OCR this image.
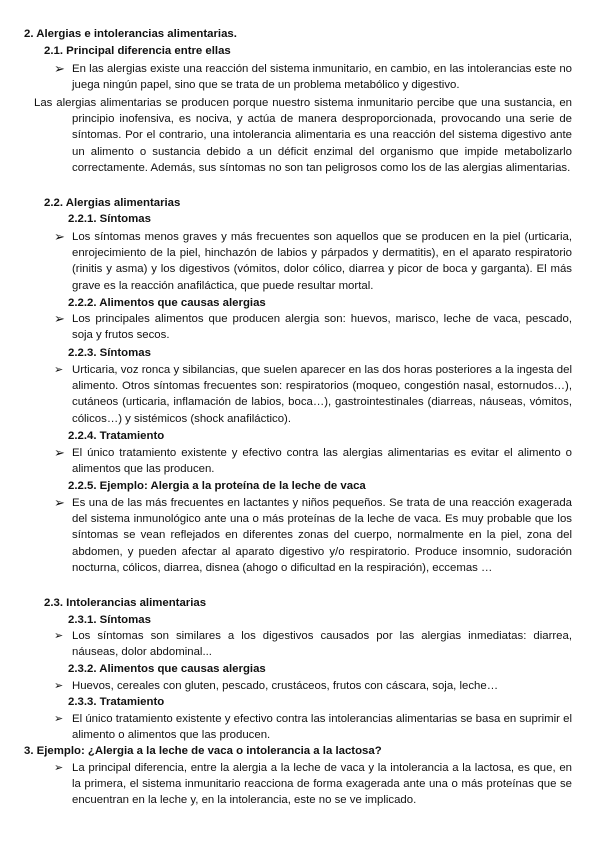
2. Alergias e intolerancias alimentarias.
2.1. Principal diferencia entre ellas
➢ En las alergias existe una reacción del sistema inmunitario, en cambio, en las intolerancias este no juega ningún papel, sino que se trata de un problema metabólico y digestivo.
Las alergias alimentarias se producen porque nuestro sistema inmunitario percibe que una sustancia, en principio inofensiva, es nociva, y actúa de manera desproporcionada, provocando una serie de síntomas. Por el contrario, una intolerancia alimentaria es una reacción del sistema digestivo ante un alimento o sustancia debido a un déficit enzimal del organismo que impide metabolizarlo correctamente. Además, sus síntomas no son tan peligrosos como los de las alergias alimentarias.
2.2. Alergias alimentarias
2.2.1. Síntomas
➢ Los síntomas menos graves y más frecuentes son aquellos que se producen en la piel (urticaria, enrojecimiento de la piel, hinchazón de labios y párpados y dermatitis), en el aparato respiratorio (rinitis y asma) y los digestivos (vómitos, dolor cólico, diarrea y picor de boca y garganta). El más grave es la reacción anafiláctica, que puede resultar mortal.
2.2.2. Alimentos que causas alergias
➢ Los principales alimentos que producen alergia son: huevos, marisco, leche de vaca, pescado, soja y frutos secos.
2.2.3. Síntomas
➢ Urticaria, voz ronca y sibilancias, que suelen aparecer en las dos horas posteriores a la ingesta del alimento. Otros síntomas frecuentes son: respiratorios (moqueo, congestión nasal, estornudos…), cutáneos (urticaria, inflamación de labios, boca…), gastrointestinales (diarreas, náuseas, vómitos, cólicos…) y sistémicos (shock anafiláctico).
2.2.4. Tratamiento
➢ El único tratamiento existente y efectivo contra las alergias alimentarias es evitar el alimento o alimentos que las producen.
2.2.5. Ejemplo: Alergia a la proteína de la leche de vaca
➢ Es una de las más frecuentes en lactantes y niños pequeños. Se trata de una reacción exagerada del sistema inmunológico ante una o más proteínas de la leche de vaca. Es muy probable que los síntomas se vean reflejados en diferentes zonas del cuerpo, normalmente en la piel, zona del abdomen, y pueden afectar al aparato digestivo y/o respiratorio. Produce insomnio, sudoración nocturna, cólicos, diarrea, disnea (ahogo o dificultad en la respiración), eccemas …
2.3. Intolerancias alimentarias
2.3.1. Síntomas
➢ Los síntomas son similares a los digestivos causados por las alergias inmediatas: diarrea, náuseas, dolor abdominal...
2.3.2. Alimentos que causas alergias
➢ Huevos, cereales con gluten, pescado, crustáceos, frutos con cáscara, soja, leche…
2.3.3. Tratamiento
➢ El único tratamiento existente y efectivo contra las intolerancias alimentarias se basa en suprimir el alimento o alimentos que las producen.
3. Ejemplo: ¿Alergia a la leche de vaca o intolerancia a la lactosa?
➢ La principal diferencia, entre la alergia a la leche de vaca y la intolerancia a la lactosa, es que, en la primera, el sistema inmunitario reacciona de forma exagerada ante una o más proteínas que se encuentran en la leche y, en la intolerancia, este no se ve implicado.
